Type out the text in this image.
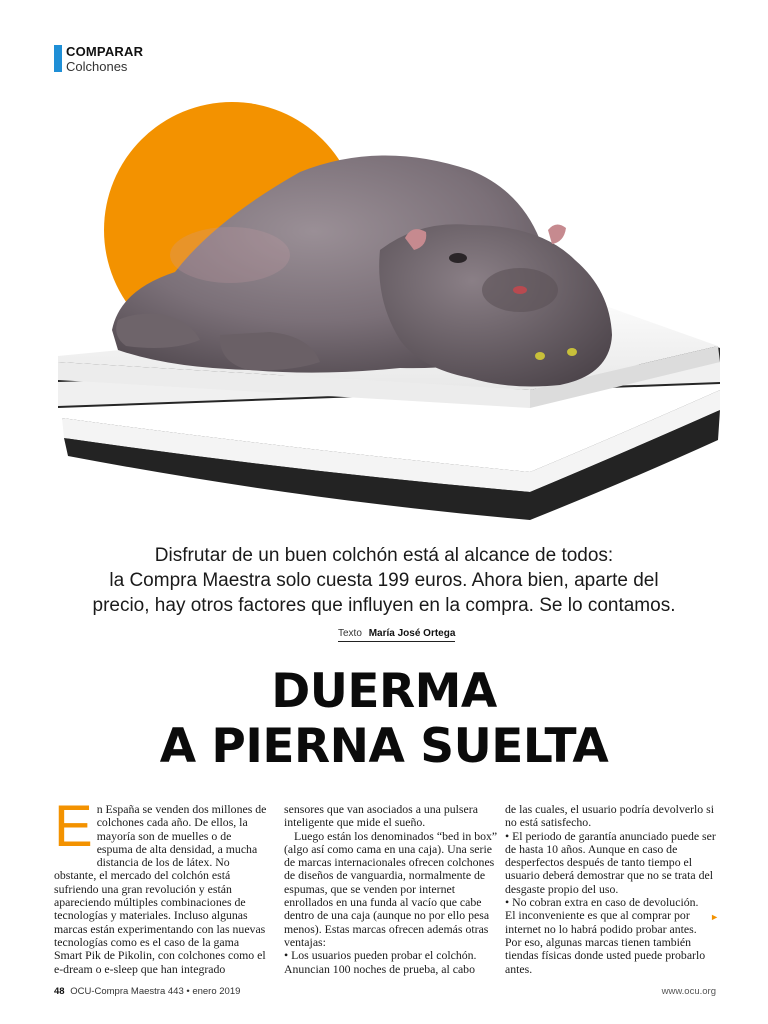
COMPARAR
Colchones
Disfrutar de un buen colchón está al alcance de todos:
la Compra Maestra solo cuesta 199 euros. Ahora bien, aparte del
precio, hay otros factores que influyen en la compra. Se lo contamos.
Texto María José Ortega
DUERMA
A PIERNA SUELTA
E n España se venden dos millones de colchones cada año. De ellos, la mayoría son de muelles o de espuma de alta densidad, a mucha distancia de los de látex. No obstante, el mercado del colchón está sufriendo una gran revolución y están apareciendo múltiples combinaciones de tecnologías y materiales. Incluso algunas marcas están experimentando con las nuevas tecnologías como es el caso de la gama Smart Pik de Pikolin, con colchones como el e-dream o e-sleep que han integrado

sensores que van asociados a una pulsera inteligente que mide el sueño.

Luego están los denominados “bed in box” (algo así como cama en una caja). Una serie de marcas internacionales ofrecen colchones de diseños de vanguardia, normalmente de espumas, que se venden por internet enrollados en una funda al vacío que cabe dentro de una caja (aunque no por ello pesa menos). Estas marcas ofrecen además otras ventajas:

• Los usuarios pueden probar el colchón. Anuncian 100 noches de prueba, al cabo

de las cuales, el usuario podría devolverlo si no está satisfecho.

• El periodo de garantía anunciado puede ser de hasta 10 años. Aunque en caso de desperfectos después de tanto tiempo el usuario deberá demostrar que no se trata del desgaste propio del uso.

• No cobran extra en caso de devolución.

►
El inconveniente es que al comprar por internet no lo habrá podido probar antes. Por eso, algunas marcas tienen también tiendas físicas donde usted puede probarlo antes.

48 OCU-Compra Maestra 443 • enero 2019	www.ocu.org
